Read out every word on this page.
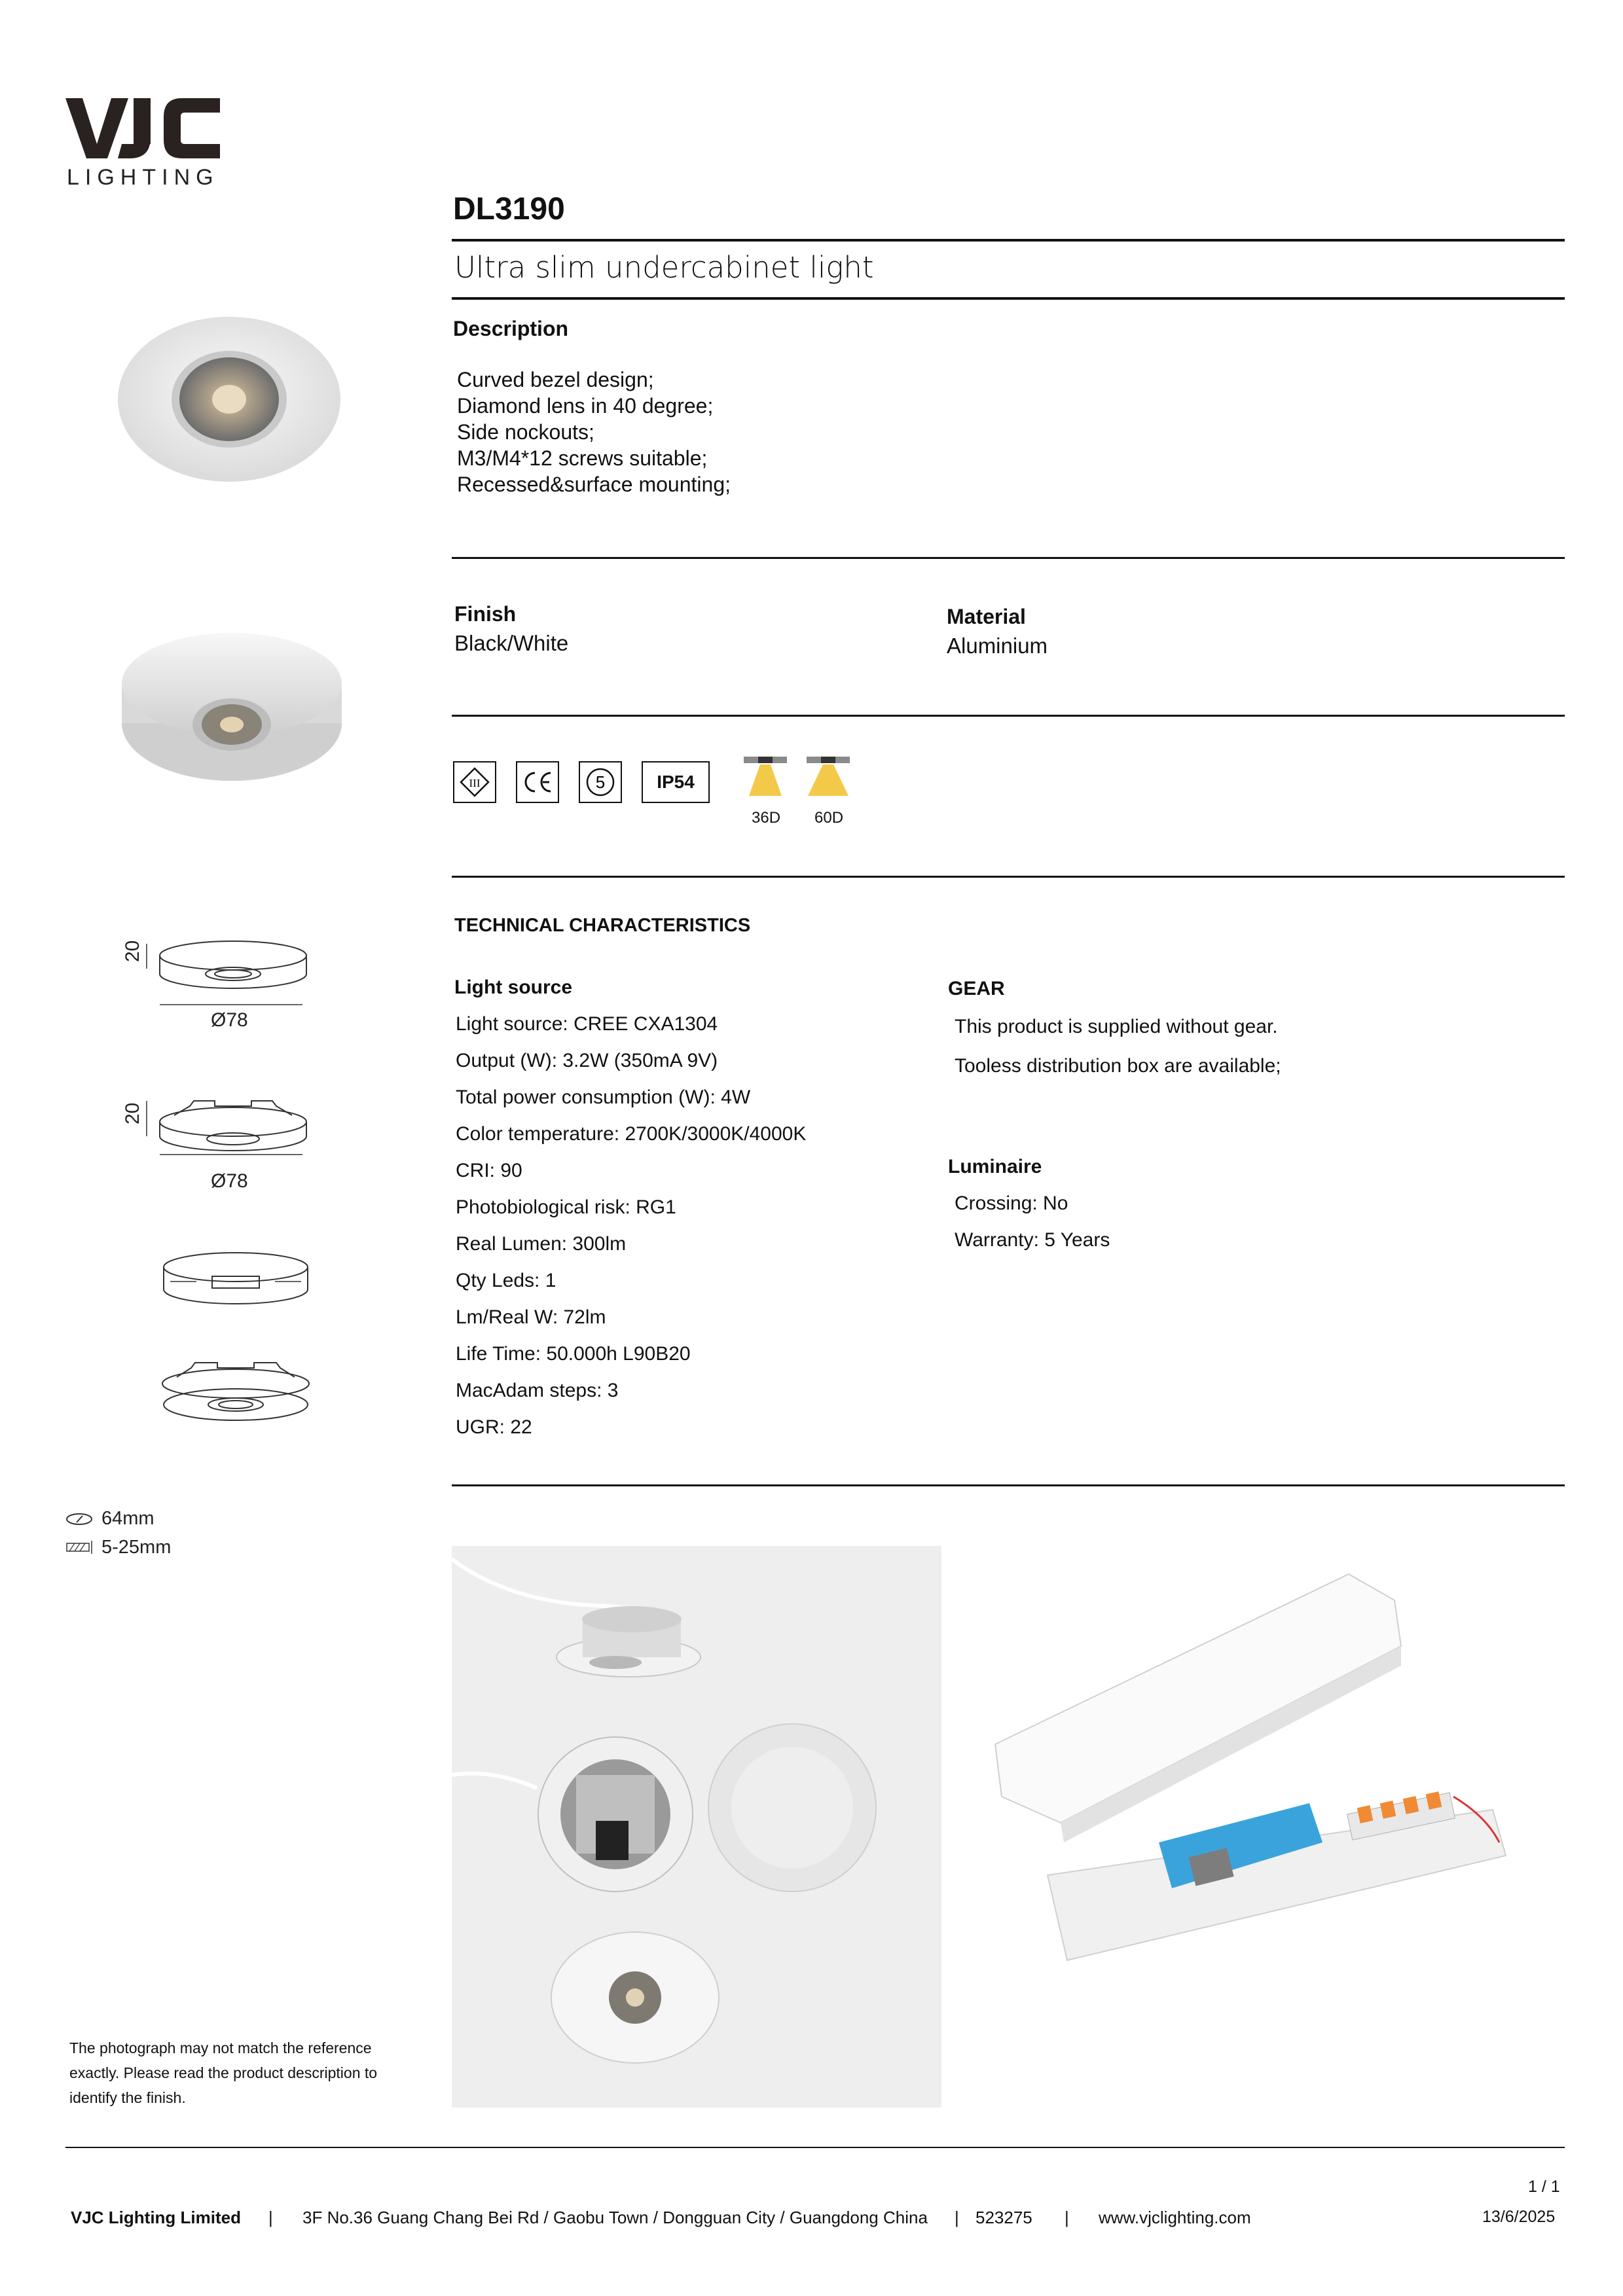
LIGHTING
DL3190
Ultra slim undercabinet light
Description
Curved bezel design;
Diamond lens in 40 degree;
Side nockouts;
M3/M4*12 screws suitable;
Recessed&surface mounting;
Finish
Black/White
Material
Aluminium
III	5	IP54
36D 60D
TECHNICAL CHARACTERISTICS
Light source
Light source: CREE CXA1304
Output (W): 3.2W (350mA 9V)
Total power consumption (W): 4W
Color temperature: 2700K/3000K/4000K
CRI: 90
Photobiological risk: RG1
Real Lumen: 300lm
Qty Leds: 1
Lm/Real W: 72lm
Life Time: 50.000h L90B20
MacAdam steps: 3
UGR: 22
GEAR
This product is supplied without gear.
Tooless distribution box are available;
Luminaire
Crossing: No
Warranty: 5 Years
20
Ø78
20
Ø78
64mm
5-25mm
The photograph may not match the reference exactly. Please read the product description to identify the finish.
1 / 1
VJC Lighting Limited | 3F No.36 Guang Chang Bei Rd / Gaobu Town / Dongguan City / Guangdong China | 523275 | www.vjclighting.com	13/6/2025
